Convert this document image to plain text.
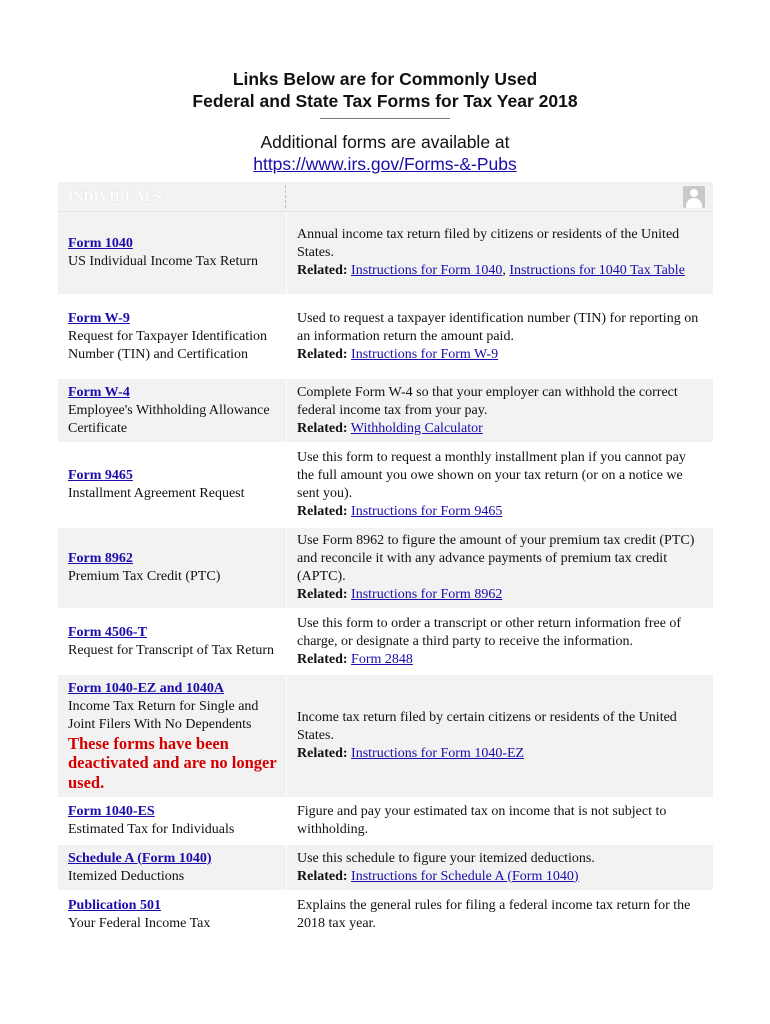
Links Below are for Commonly Used
Federal and State Tax Forms for Tax Year 2018
Additional forms are available at
https://www.irs.gov/Forms-&-Pubs
INDIVIDUALS
Form 1040
US Individual Income Tax Return
Annual income tax return filed by citizens or residents of the United States.
Related: Instructions for Form 1040, Instructions for 1040 Tax Table
Form W-9
Request for Taxpayer Identification Number (TIN) and Certification
Used to request a taxpayer identification number (TIN) for reporting on an information return the amount paid.
Related: Instructions for Form W-9
Form W-4
Employee's Withholding Allowance Certificate
Complete Form W-4 so that your employer can withhold the correct federal income tax from your pay.
Related: Withholding Calculator
Form 9465
Installment Agreement Request
Use this form to request a monthly installment plan if you cannot pay the full amount you owe shown on your tax return (or on a notice we sent you).
Related: Instructions for Form 9465
Form 8962
Premium Tax Credit (PTC)
Use Form 8962 to figure the amount of your premium tax credit (PTC) and reconcile it with any advance payments of premium tax credit (APTC).
Related: Instructions for Form 8962
Form 4506-T
Request for Transcript of Tax Return
Use this form to order a transcript or other return information free of charge, or designate a third party to receive the information.
Related: Form 2848
Form 1040-EZ and 1040A
Income Tax Return for Single and Joint Filers With No Dependents
These forms have been deactivated and are no longer used.
Income tax return filed by certain citizens or residents of the United States.
Related: Instructions for Form 1040-EZ
Form 1040-ES
Estimated Tax for Individuals
Figure and pay your estimated tax on income that is not subject to withholding.
Schedule A (Form 1040)
Itemized Deductions
Use this schedule to figure your itemized deductions.
Related: Instructions for Schedule A (Form 1040)
Publication 501
Your Federal Income Tax
Explains the general rules for filing a federal income tax return for the 2018 tax year.
